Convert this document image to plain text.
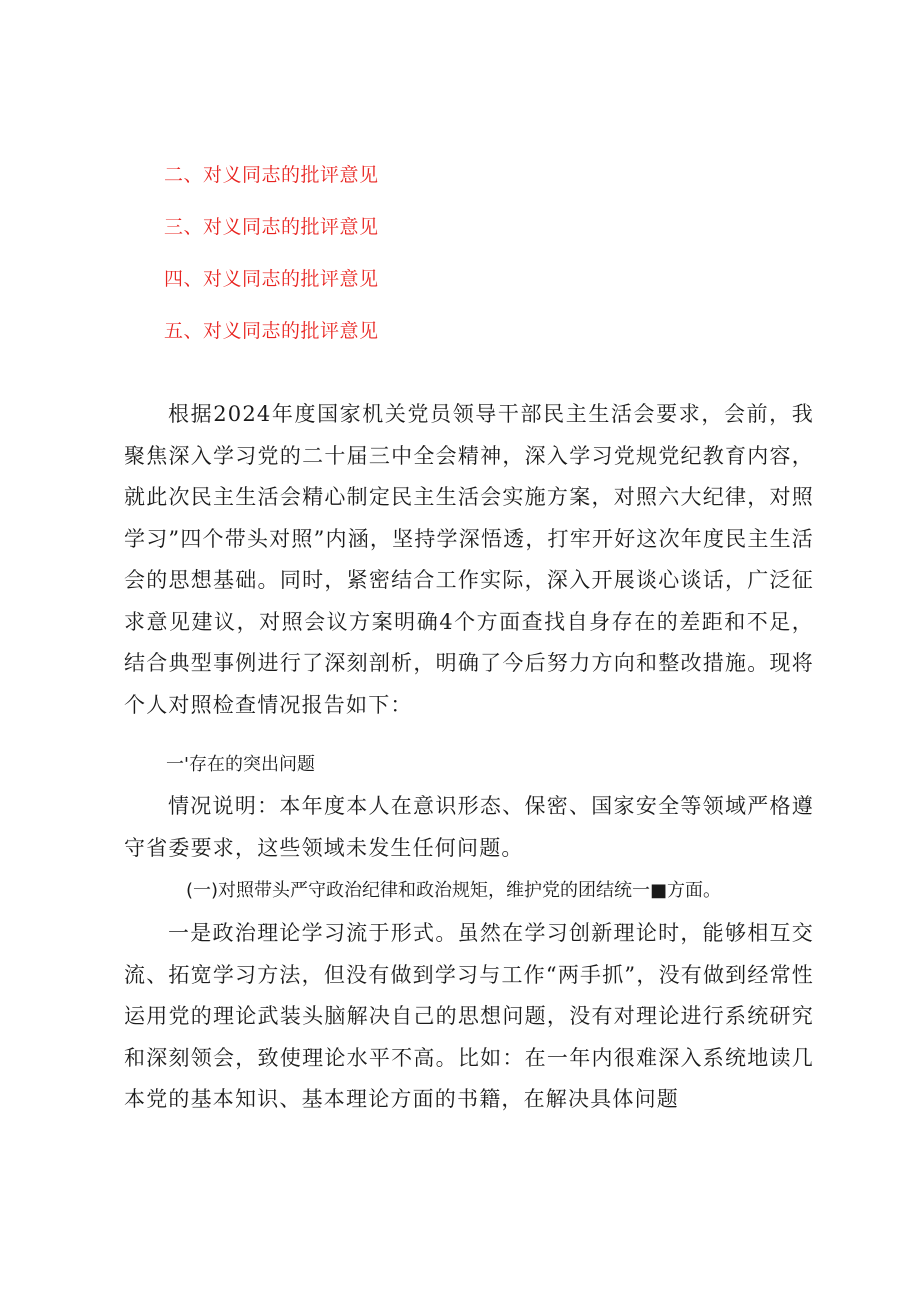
二、对义同志的批评意见
三、对义同志的批评意见
四、对义同志的批评意见
五、对义同志的批评意见

根据2024年度国家机关党员领导干部民主生活会要求，会前，我聚焦深入学习党的二十届三中全会精神，深入学习党规党纪教育内容，就此次民主生活会精心制定民主生活会实施方案，对照六大纪律，对照学习”四个带头对照”内涵，坚持学深悟透，打牢开好这次年度民主生活会的思想基础。同时，紧密结合工作实际，深入开展谈心谈话，广泛征求意见建议，对照会议方案明确4个方面查找自身存在的差距和不足，结合典型事例进行了深刻剖析，明确了今后努力方向和整改措施。现将个人对照检查情况报告如下：

一'存在的突出问题

情况说明：本年度本人在意识形态、保密、国家安全等领域严格遵守省委要求，这些领域未发生任何问题。

(一)对照带头严守政治纪律和政治规矩，维护党的团结统一■方面。

一是政治理论学习流于形式。虽然在学习创新理论时，能够相互交流、拓宽学习方法，但没有做到学习与工作“两手抓”，没有做到经常性运用党的理论武装头脑解决自己的思想问题，没有对理论进行系统研究和深刻领会，致使理论水平不高。比如：在一年内很难深入系统地读几本党的基本知识、基本理论方面的书籍，在解决具体问题
